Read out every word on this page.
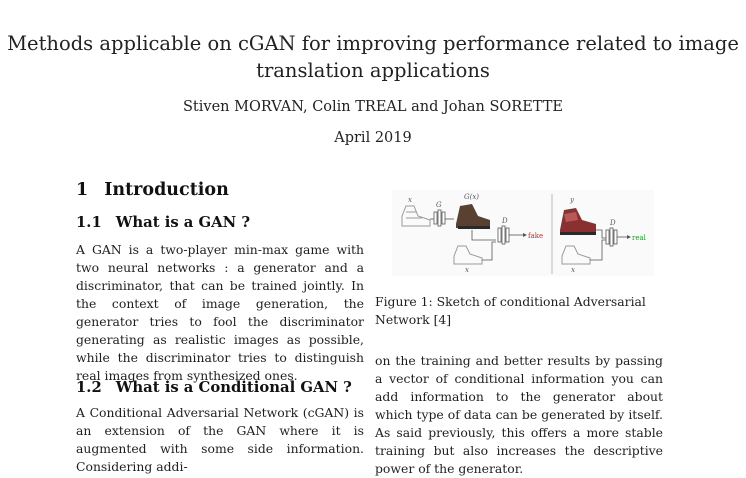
Methods applicable on cGAN for improving performance related to image translation applications
Stiven MORVAN, Colin TREAL and Johan SORETTE
April 2019
1 Introduction
1.1 What is a GAN ?

A GAN is a two-player min-max game with two neural networks : a generator and a discriminator, that can be trained jointly. In the context of image generation, the generator tries to fool the discriminator generating as realistic images as possible, while the discriminator tries to distinguish real images from synthesized ones.

1.2 What is a Conditional GAN ?

A Conditional Adversarial Network (cGAN) is an extension of the GAN where it is augmented with some side information. Considering addi-

x
G
G(x)
x
D
fake
y
x
D
real

Figure 1: Sketch of conditional Adversarial Network [4]

on the training and better results by passing a vector of conditional information you can add information to the generator about which type of data can be generated by itself. As said previously, this offers a more stable training but also increases the descriptive power of the generator.
